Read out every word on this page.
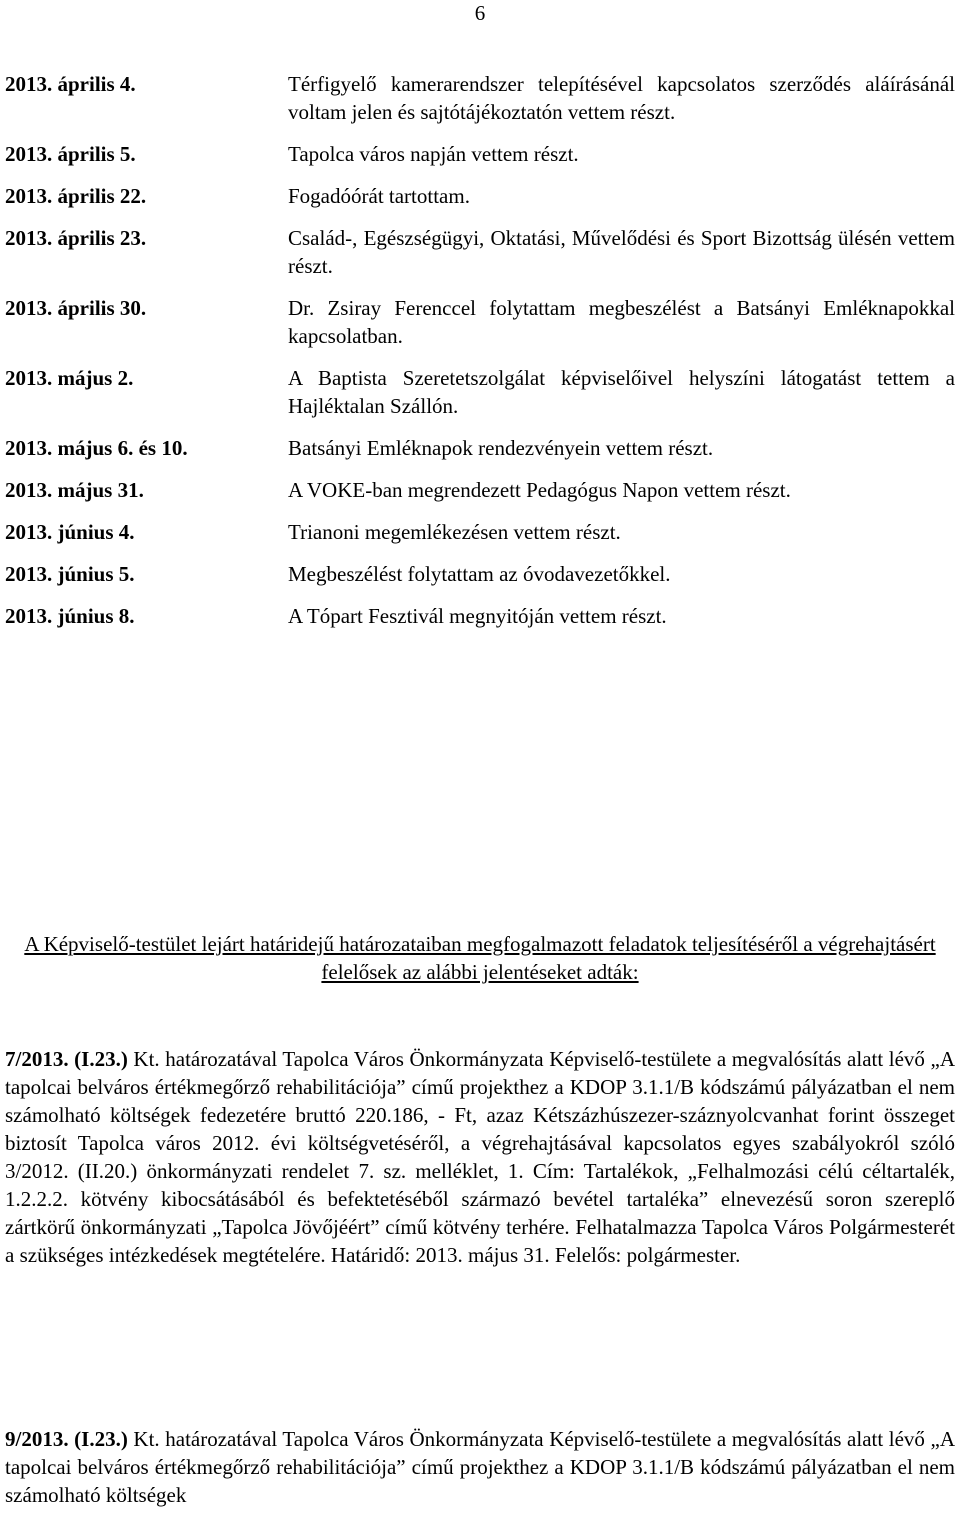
6
2013. április 4.	Térfigyelő kamerarendszer telepítésével kapcsolatos szerződés aláírásánál voltam jelen és sajtótájékoztatón vettem részt.
2013. április 5.	Tapolca város napján vettem részt.
2013. április 22.	Fogadóórát tartottam.
2013. április 23.	Család-, Egészségügyi, Oktatási, Művelődési és Sport Bizottság ülésén vettem részt.
2013. április 30.	Dr. Zsiray Ferenccel folytattam megbeszélést a Batsányi Emléknapokkal kapcsolatban.
2013. május 2.	A Baptista Szeretetszolgálat képviselőivel helyszíni látogatást tettem a Hajléktalan Szállón.
2013. május 6. és 10.	Batsányi Emléknapok rendezvényein vettem részt.
2013. május 31.	A VOKE-ban megrendezett Pedagógus Napon vettem részt.
2013. június 4.	Trianoni megemlékezésen vettem részt.
2013. június 5.	Megbeszélést folytattam az óvodavezetőkkel.
2013. június 8.	A Tópart Fesztivál megnyitóján vettem részt.
A Képviselő-testület lejárt határidejű határozataiban megfogalmazott feladatok teljesítéséről a végrehajtásért felelősek az alábbi jelentéseket adták:
7/2013. (I.23.) Kt. határozatával Tapolca Város Önkormányzata Képviselő-testülete a megvalósítás alatt lévő „A tapolcai belváros értékmegőrző rehabilitációja” című projekthez a KDOP 3.1.1/B kódszámú pályázatban el nem számolható költségek fedezetére bruttó 220.186, - Ft, azaz Kétszázhúszezer-száznyolcvanhat forint összeget biztosít Tapolca város 2012. évi költségvetéséről, a végrehajtásával kapcsolatos egyes szabályokról szóló 3/2012. (II.20.) önkormányzati rendelet 7. sz. melléklet, 1. Cím: Tartalékok, „Felhalmozási célú céltartalék, 1.2.2.2. kötvény kibocsátásából és befektetéséből származó bevétel tartaléka” elnevezésű soron szereplő zártkörű önkormányzati „Tapolca Jövőjéért” című kötvény terhére. Felhatalmazza Tapolca Város Polgármesterét a szükséges intézkedések megtételére. Határidő: 2013. május 31. Felelős: polgármester.
9/2013. (I.23.) Kt. határozatával Tapolca Város Önkormányzata Képviselő-testülete a megvalósítás alatt lévő „A tapolcai belváros értékmegőrző rehabilitációja” című projekthez a KDOP 3.1.1/B kódszámú pályázatban el nem számolható költségek
